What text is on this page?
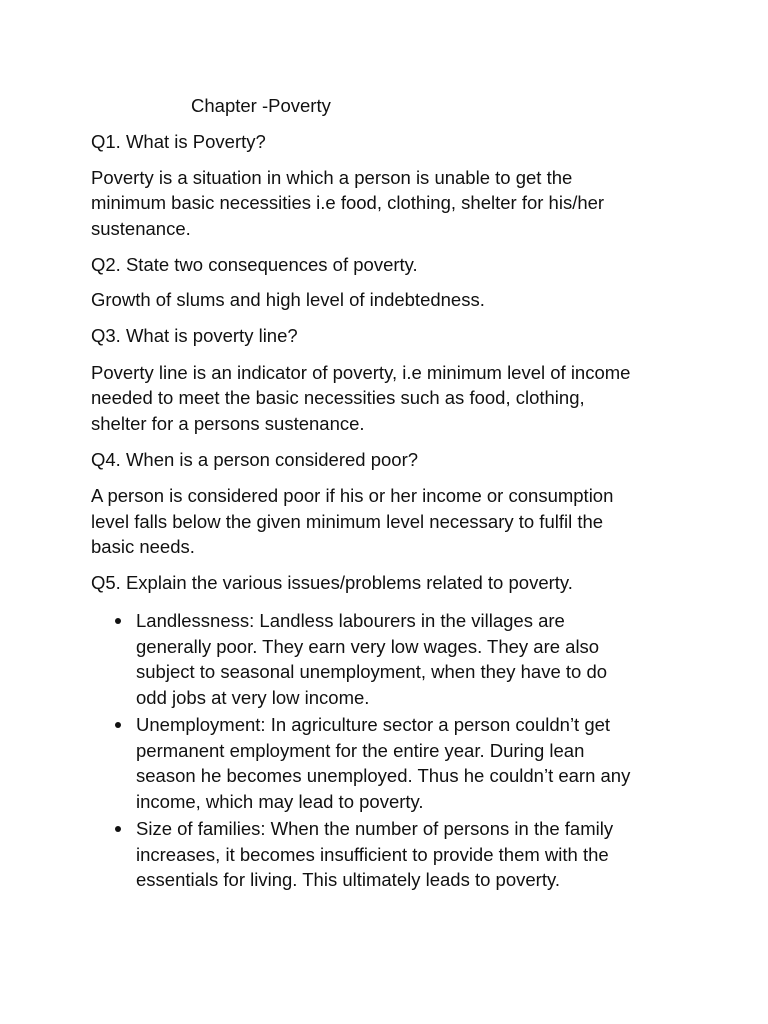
Chapter -Poverty
Q1. What is Poverty?
Poverty is a situation in which a person is unable to get the
minimum basic necessities i.e food, clothing, shelter for his/her
sustenance.
Q2. State two consequences of poverty.
Growth of slums and high level of indebtedness.
Q3. What is poverty line?
Poverty line is an indicator of poverty, i.e minimum level of income
needed to meet the basic necessities such as food, clothing,
shelter for a persons sustenance.
Q4. When is a person considered poor?
A person is considered poor if his or her income or consumption
level falls below the given minimum level necessary to fulfil the
basic needs.
Q5. Explain the various issues/problems related to poverty.
Landlessness: Landless labourers in the villages are
generally poor. They earn very low wages. They are also
subject to seasonal unemployment, when they have to do
odd jobs at very low income.
Unemployment: In agriculture sector a person couldn’t get
permanent employment for the entire year. During lean
season he becomes unemployed. Thus he couldn’t earn any
income, which may lead to poverty.
Size of families: When the number of persons in the family
increases, it becomes insufficient to provide them with the
essentials for living. This ultimately leads to poverty.
